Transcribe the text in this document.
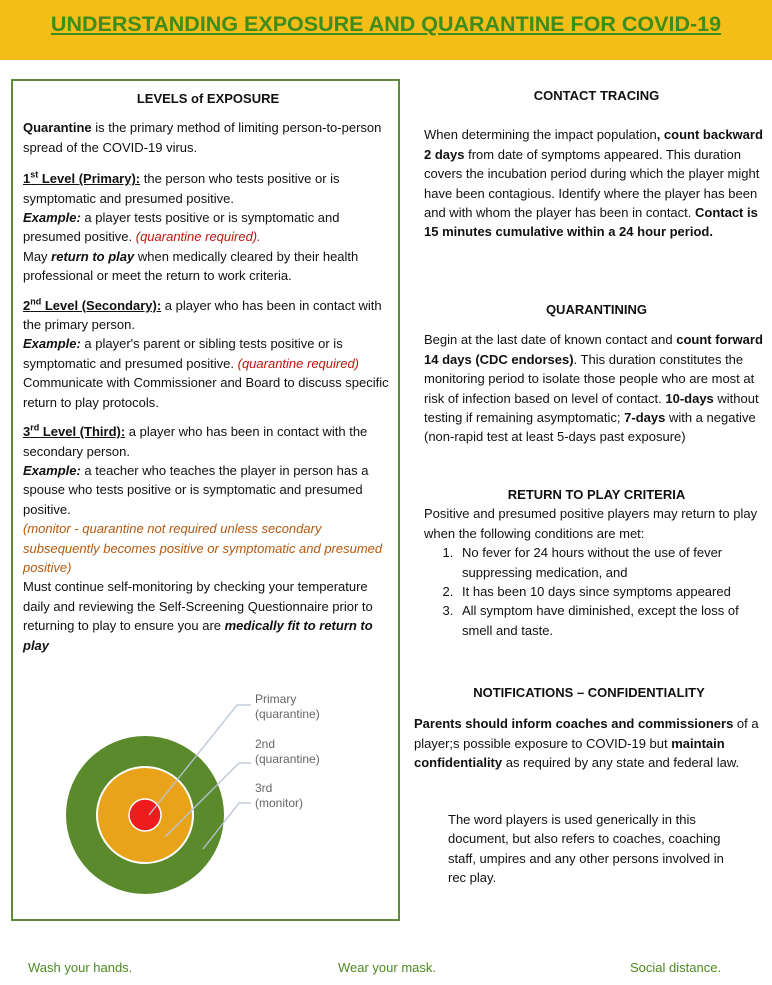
UNDERSTANDING EXPOSURE AND QUARANTINE FOR COVID-19

LEVELS of EXPOSURE

Quarantine is the primary method of limiting person-to-person spread of the COVID-19 virus.

1st Level (Primary): the person who tests positive or is symptomatic and presumed positive.

Example: a player tests positive or is symptomatic and presumed positive. (quarantine required).

May return to play when medically cleared by their health professional or meet the return to work criteria.

2nd Level (Secondary): a player who has been in contact with the primary person.

Example: a player's parent or sibling tests positive or is symptomatic and presumed positive. (quarantine required)

Communicate with Commissioner and Board to discuss specific return to play protocols.

3rd Level (Third): a player who has been in contact with the secondary person.

Example: a teacher who teaches the player in person has a spouse who tests positive or is symptomatic and presumed positive.

(monitor - quarantine not required unless secondary subsequently becomes positive or symptomatic and presumed positive)

Must continue self-monitoring by checking your temperature daily and reviewing the Self-Screening Questionnaire prior to returning to play to ensure you are medically fit to return to play

Primary
(quarantine)
2nd
(quarantine)
3rd
(monitor)

CONTACT TRACING

When determining the impact population, count backward 2 days from date of symptoms appeared. This duration covers the incubation period during which the player might have been contagious. Identify where the player has been and with whom the player has been in contact. Contact is 15 minutes cumulative within a 24 hour period.

QUARANTINING

Begin at the last date of known contact and count forward 14 days (CDC endorses). This duration constitutes the monitoring period to isolate those people who are most at risk of infection based on level of contact. 10-days without testing if remaining asymptomatic; 7-days with a negative (non-rapid test at least 5-days past exposure)

RETURN TO PLAY CRITERIA

Positive and presumed positive players may return to play when the following conditions are met:

1. No fever for 24 hours without the use of fever suppressing medication, and
2. It has been 10 days since symptoms appeared
3. All symptom have diminished, except the loss of smell and taste.

NOTIFICATIONS – CONFIDENTIALITY

Parents should inform coaches and commissioners of a player;s possible exposure to COVID-19 but maintain confidentiality as required by any state and federal law.

The word players is used generically in this document, but also refers to coaches, coaching staff, umpires and any other persons involved in rec play.

Wash your hands.	Wear your mask.	Social distance.
